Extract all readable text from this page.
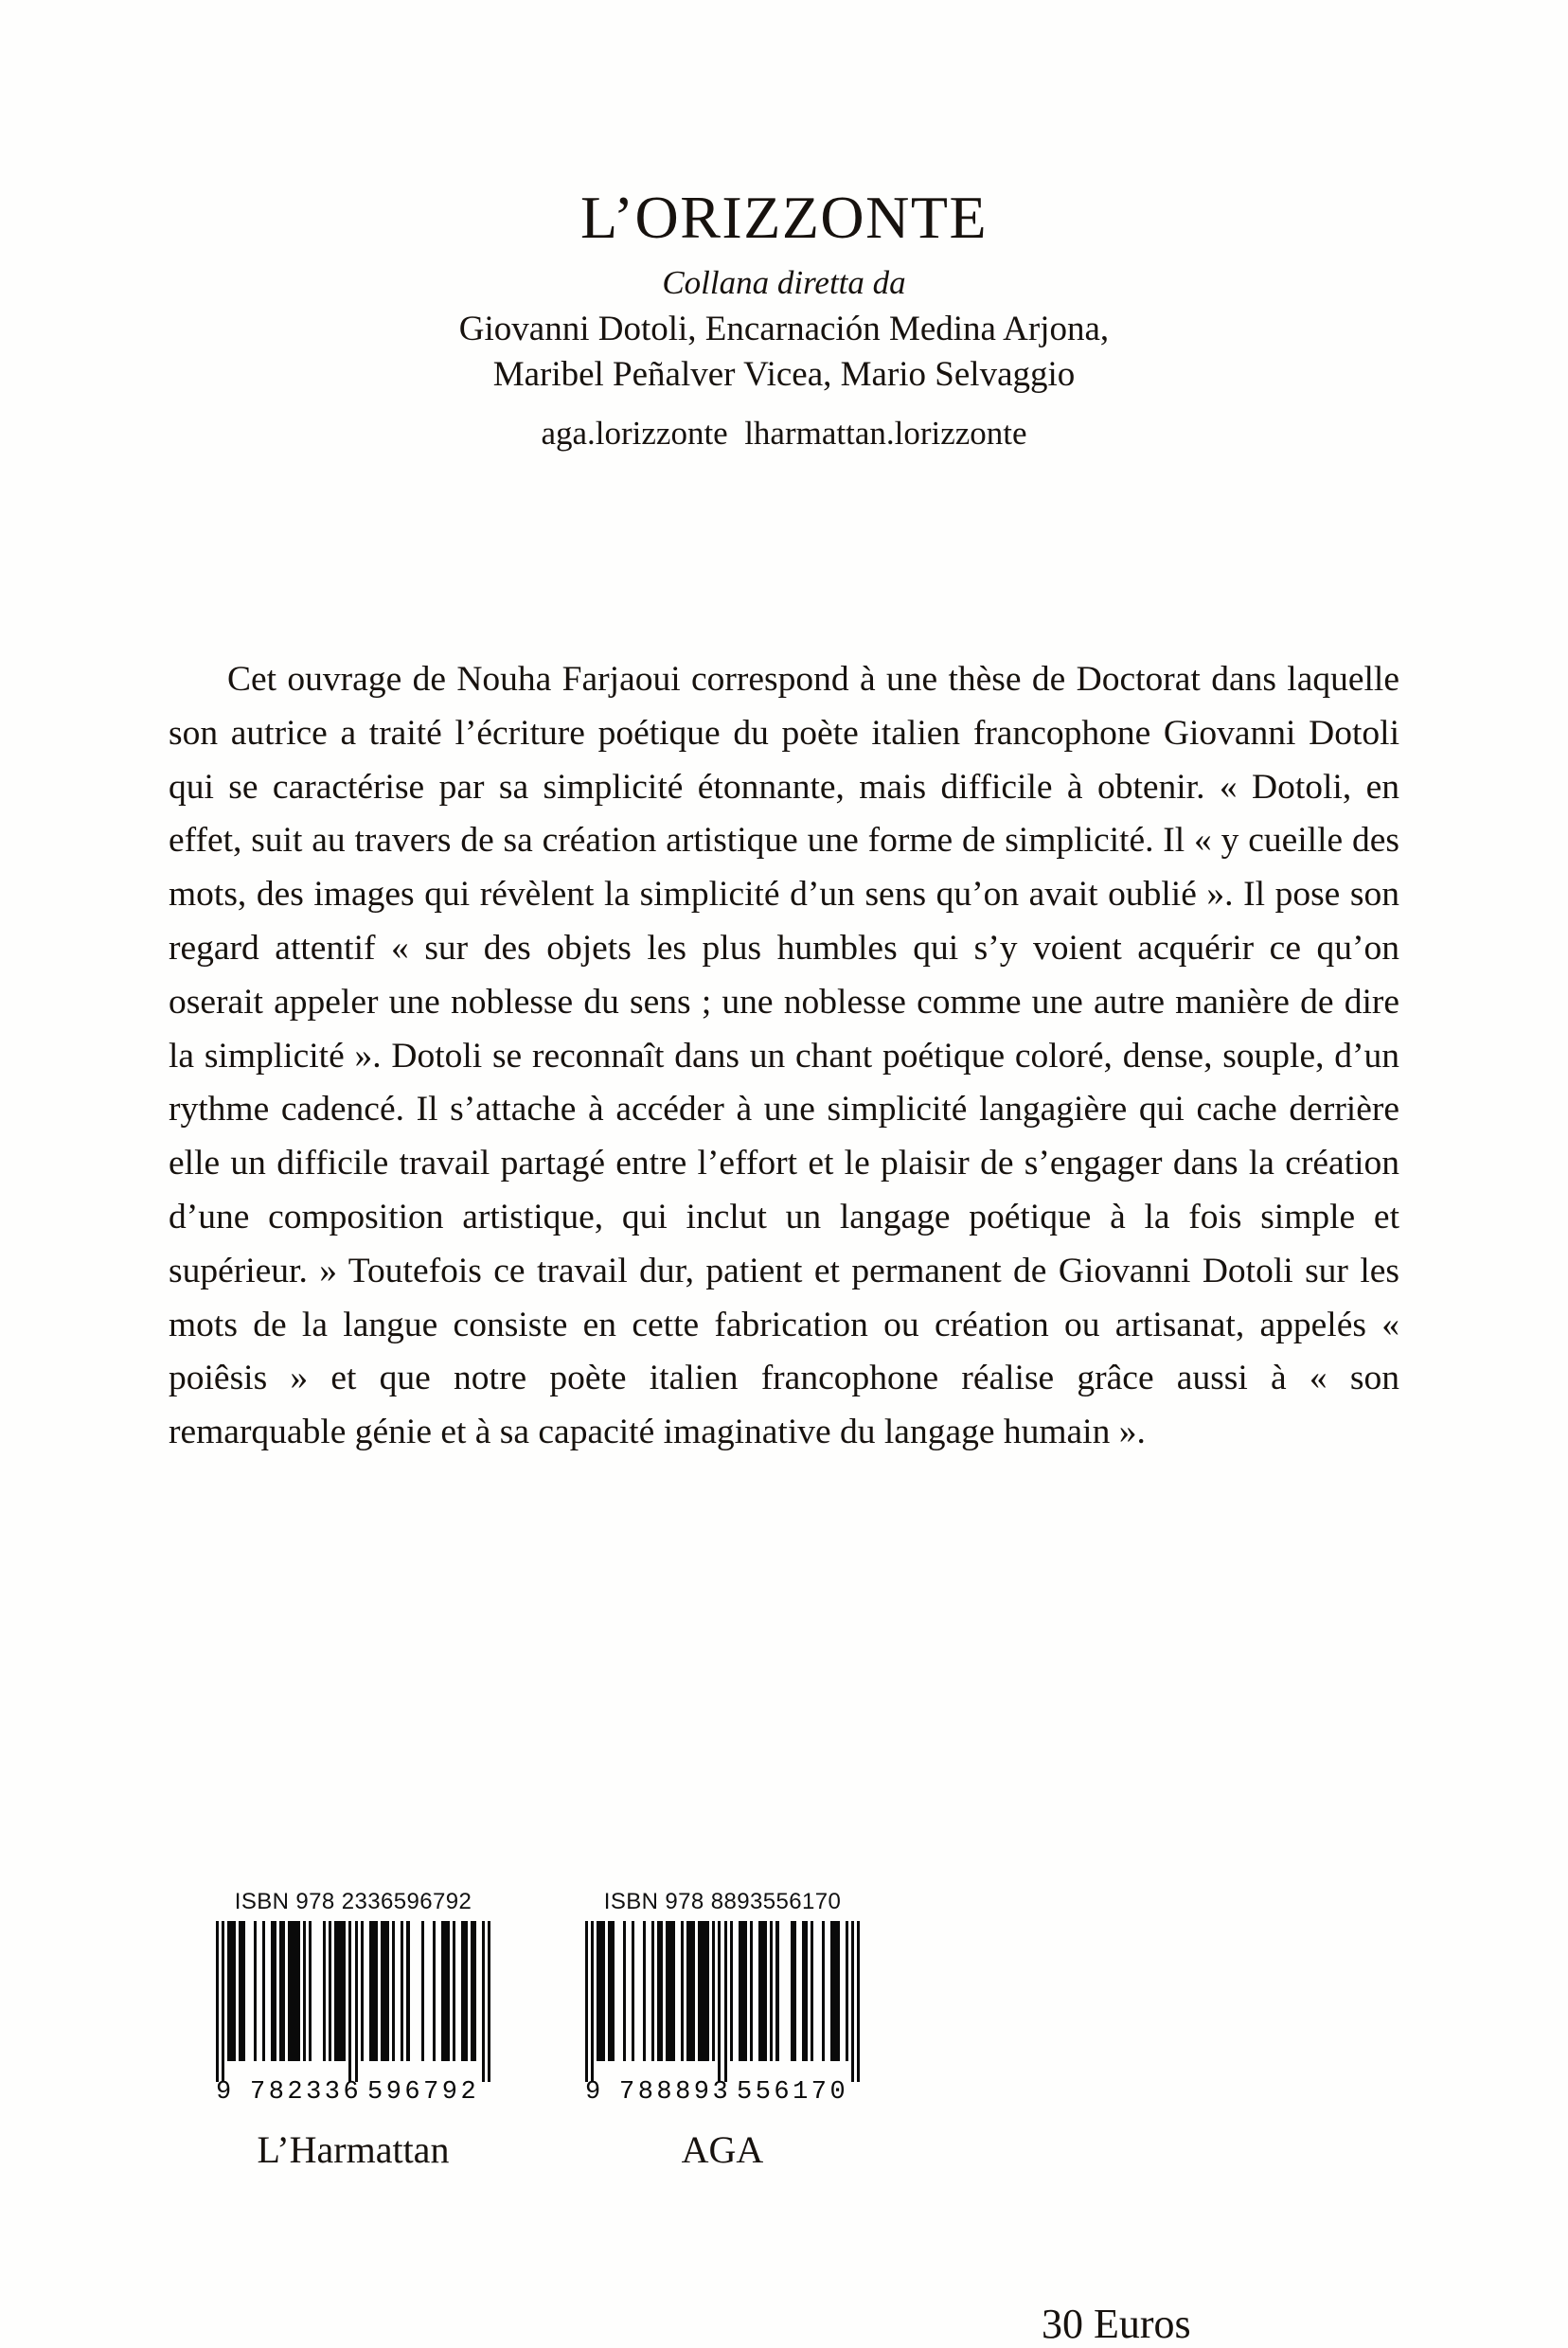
L’ORIZZONTE
Collana diretta da
Giovanni Dotoli, Encarnación Medina Arjona,
Maribel Peñalver Vicea, Mario Selvaggio
aga.lorizzonte  lharmattan.lorizzonte

Cet ouvrage de Nouha Farjaoui correspond à une thèse de Doctorat dans laquelle son autrice a traité l’écriture poétique du poète italien francophone Giovanni Dotoli qui se caractérise par sa simplicité étonnante, mais difficile à obtenir. « Dotoli, en effet, suit au travers de sa création artistique une forme de simplicité. Il « y cueille des mots, des images qui révèlent la simplicité d’un sens qu’on avait oublié ». Il pose son regard attentif « sur des objets les plus humbles qui s’y voient acquérir ce qu’on oserait appeler une noblesse du sens ; une noblesse comme une autre manière de dire la simplicité ». Dotoli se reconnaît dans un chant poétique coloré, dense, souple, d’un rythme cadencé. Il s’attache à accéder à une simplicité langagière qui cache derrière elle un difficile travail partagé entre l’effort et le plaisir de s’engager dans la création d’une composition artistique, qui inclut un langage poétique à la fois simple et supérieur. » Toutefois ce travail dur, patient et permanent de Giovanni Dotoli sur les mots de la langue consiste en cette fabrication ou création ou artisanat, appelés « poiêsis » et que notre poète italien francophone réalise grâce aussi à « son remarquable génie et à sa capacité imaginative du langage humain ».

ISBN 978 2336596792
9 782336 596792
L’Harmattan
ISBN 978 8893556170
9 788893 556170
AGA
30 Euros
